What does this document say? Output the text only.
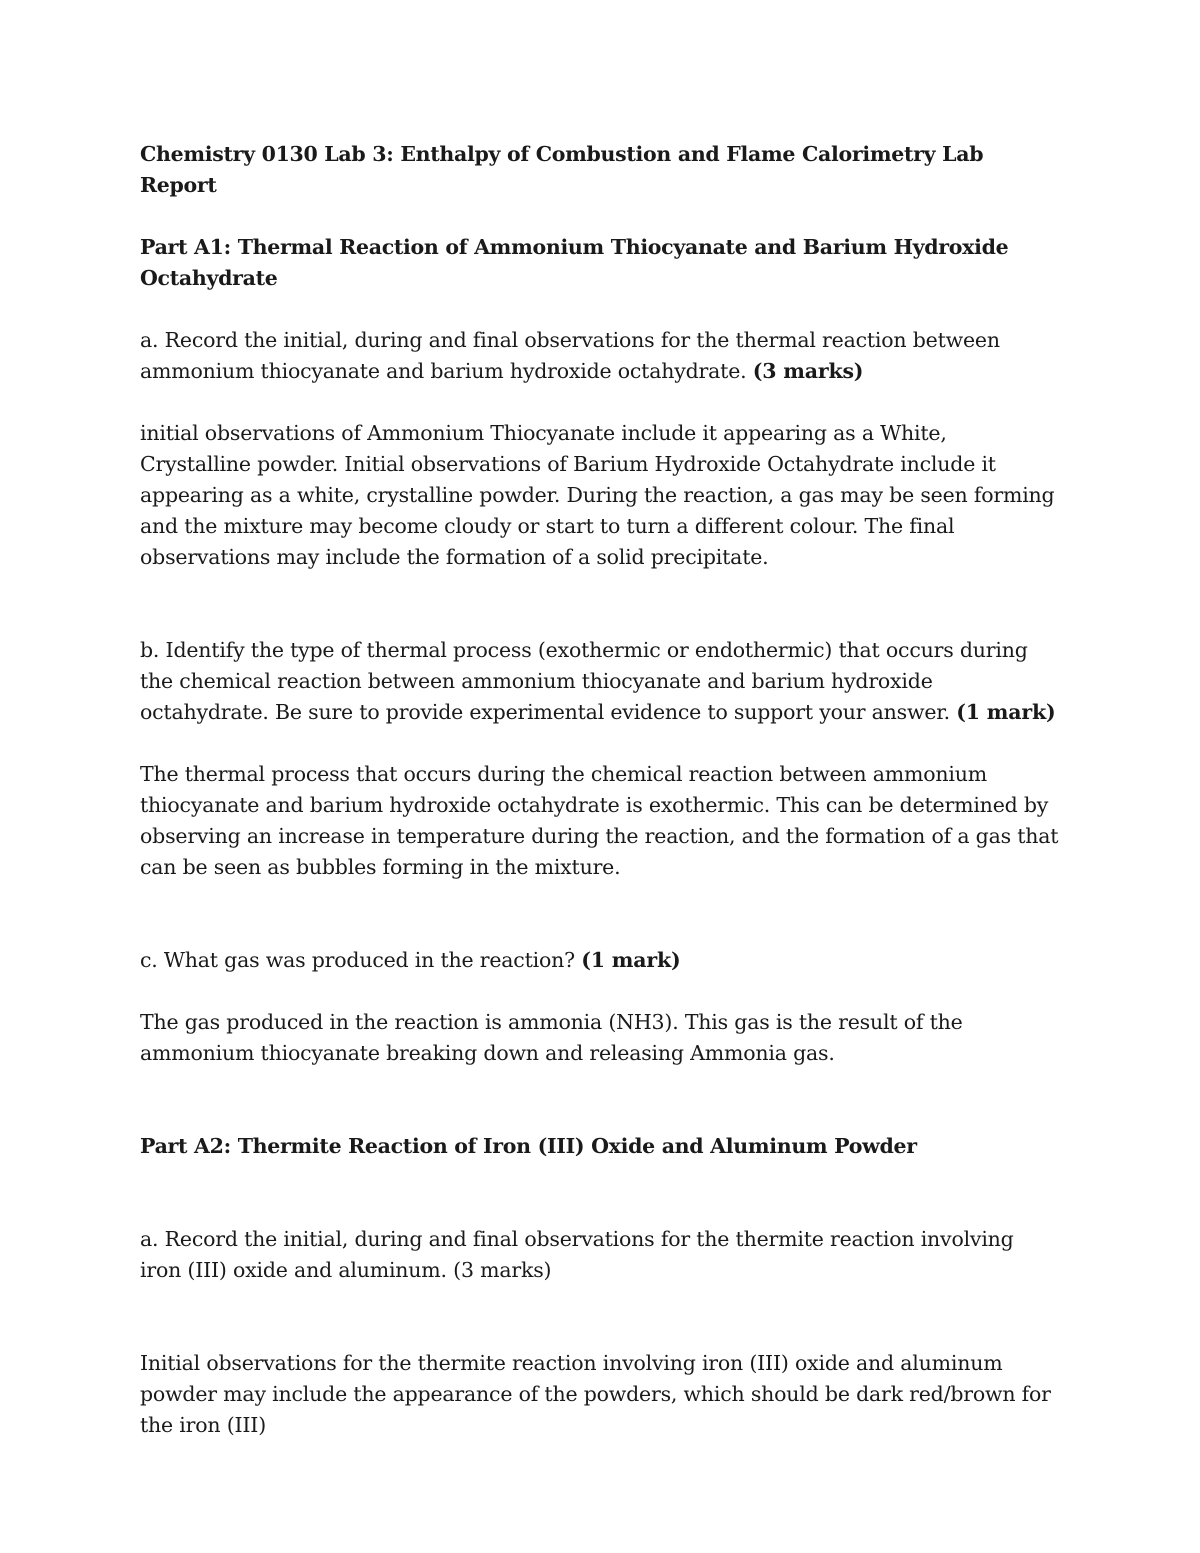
Chemistry 0130 Lab 3: Enthalpy of Combustion and Flame Calorimetry Lab Report

Part A1: Thermal Reaction of Ammonium Thiocyanate and Barium Hydroxide Octahydrate

a. Record the initial, during and final observations for the thermal reaction between ammonium thiocyanate and barium hydroxide octahydrate. (3 marks)

initial observations of Ammonium Thiocyanate include it appearing as a White, Crystalline powder. Initial observations of Barium Hydroxide Octahydrate include it appearing as a white, crystalline powder. During the reaction, a gas may be seen forming and the mixture may become cloudy or start to turn a different colour. The final observations may include the formation of a solid precipitate.

b. Identify the type of thermal process (exothermic or endothermic) that occurs during the chemical reaction between ammonium thiocyanate and barium hydroxide octahydrate. Be sure to provide experimental evidence to support your answer. (1 mark)

The thermal process that occurs during the chemical reaction between ammonium thiocyanate and barium hydroxide octahydrate is exothermic. This can be determined by observing an increase in temperature during the reaction, and the formation of a gas that can be seen as bubbles forming in the mixture.

c. What gas was produced in the reaction? (1 mark)

The gas produced in the reaction is ammonia (NH3). This gas is the result of the ammonium thiocyanate breaking down and releasing Ammonia gas.

Part A2: Thermite Reaction of Iron (III) Oxide and Aluminum Powder

a. Record the initial, during and final observations for the thermite reaction involving iron (III) oxide and aluminum. (3 marks)

Initial observations for the thermite reaction involving iron (III) oxide and aluminum powder may include the appearance of the powders, which should be dark red/brown for the iron (III)
